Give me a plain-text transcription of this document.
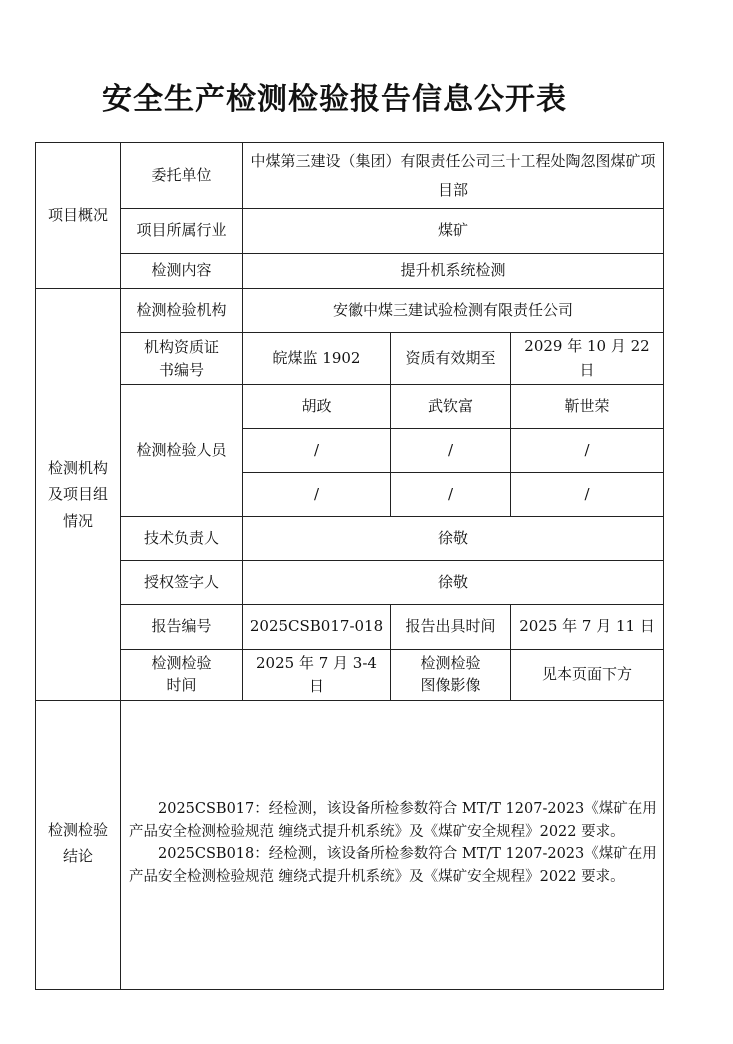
安全生产检测检验报告信息公开表
项目概况	委托单位	中煤第三建设（集团）有限责任公司三十工程处陶忽图煤矿项目部		
	项目所属行业	煤矿		
	检测内容	提升机系统检测		

检测机构及项目组情况	检测检验机构	安徽中煤三建试验检测有限责任公司		

	机构资质证书编号	皖煤监 1902	资质有效期至	2029 年 10 月 22 日
	检测检验人员	胡政	武钦富	靳世荣
		/	/	/
		/	/	/
	技术负责人	徐敬		
	授权签字人	徐敬		
	报告编号	2025CSB017-018	报告出具时间	2025 年 7 月 11 日

	检测检验时间	2025 年 7 月 3-4 日	检测检验图像影像	见本页面下方
检测检验结论

2025CSB017：经检测，该设备所检参数符合 MT/T 1207-2023《煤矿在用产品安全检测检验规范 缠绕式提升机系统》及《煤矿安全规程》2022 要求。

2025CSB018：经检测，该设备所检参数符合 MT/T 1207-2023《煤矿在用产品安全检测检验规范 缠绕式提升机系统》及《煤矿安全规程》2022 要求。
